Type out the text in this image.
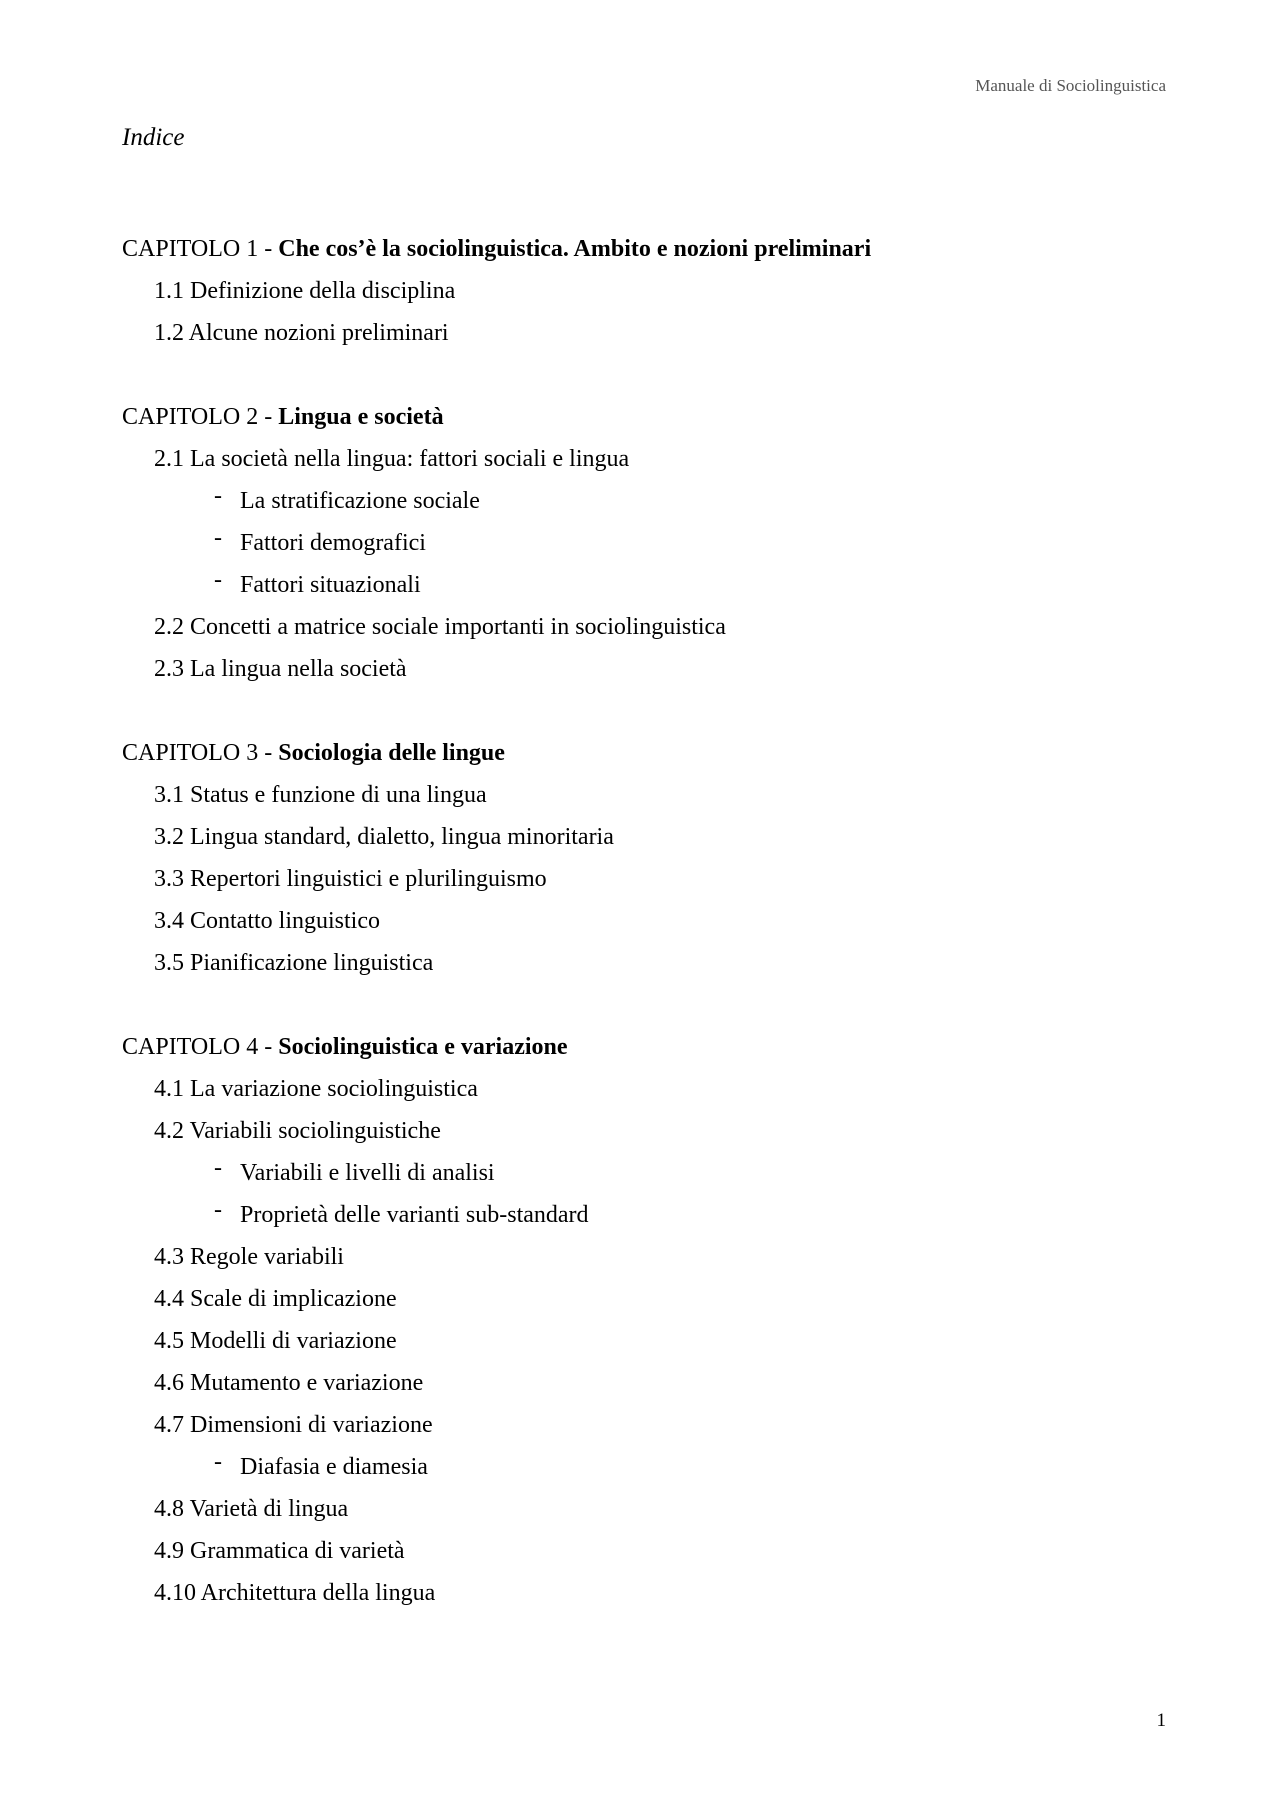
Manuale di Sociolinguistica
Indice
CAPITOLO 1 - Che cos’è la sociolinguistica. Ambito e nozioni preliminari
1.1 Definizione della disciplina
1.2 Alcune nozioni preliminari
CAPITOLO 2 - Lingua e società
2.1 La società nella lingua: fattori sociali e lingua
- La stratificazione sociale
- Fattori demografici
- Fattori situazionali
2.2 Concetti a matrice sociale importanti in sociolinguistica
2.3 La lingua nella società
CAPITOLO 3 - Sociologia delle lingue
3.1 Status e funzione di una lingua
3.2 Lingua standard, dialetto, lingua minoritaria
3.3 Repertori linguistici e plurilinguismo
3.4 Contatto linguistico
3.5 Pianificazione linguistica
CAPITOLO 4 - Sociolinguistica e variazione
4.1 La variazione sociolinguistica
4.2 Variabili sociolinguistiche
- Variabili e livelli di analisi
- Proprietà delle varianti sub-standard
4.3 Regole variabili
4.4 Scale di implicazione
4.5 Modelli di variazione
4.6 Mutamento e variazione
4.7 Dimensioni di variazione
- Diafasia e diamesia
4.8 Varietà di lingua
4.9 Grammatica di varietà
4.10 Architettura della lingua
1
